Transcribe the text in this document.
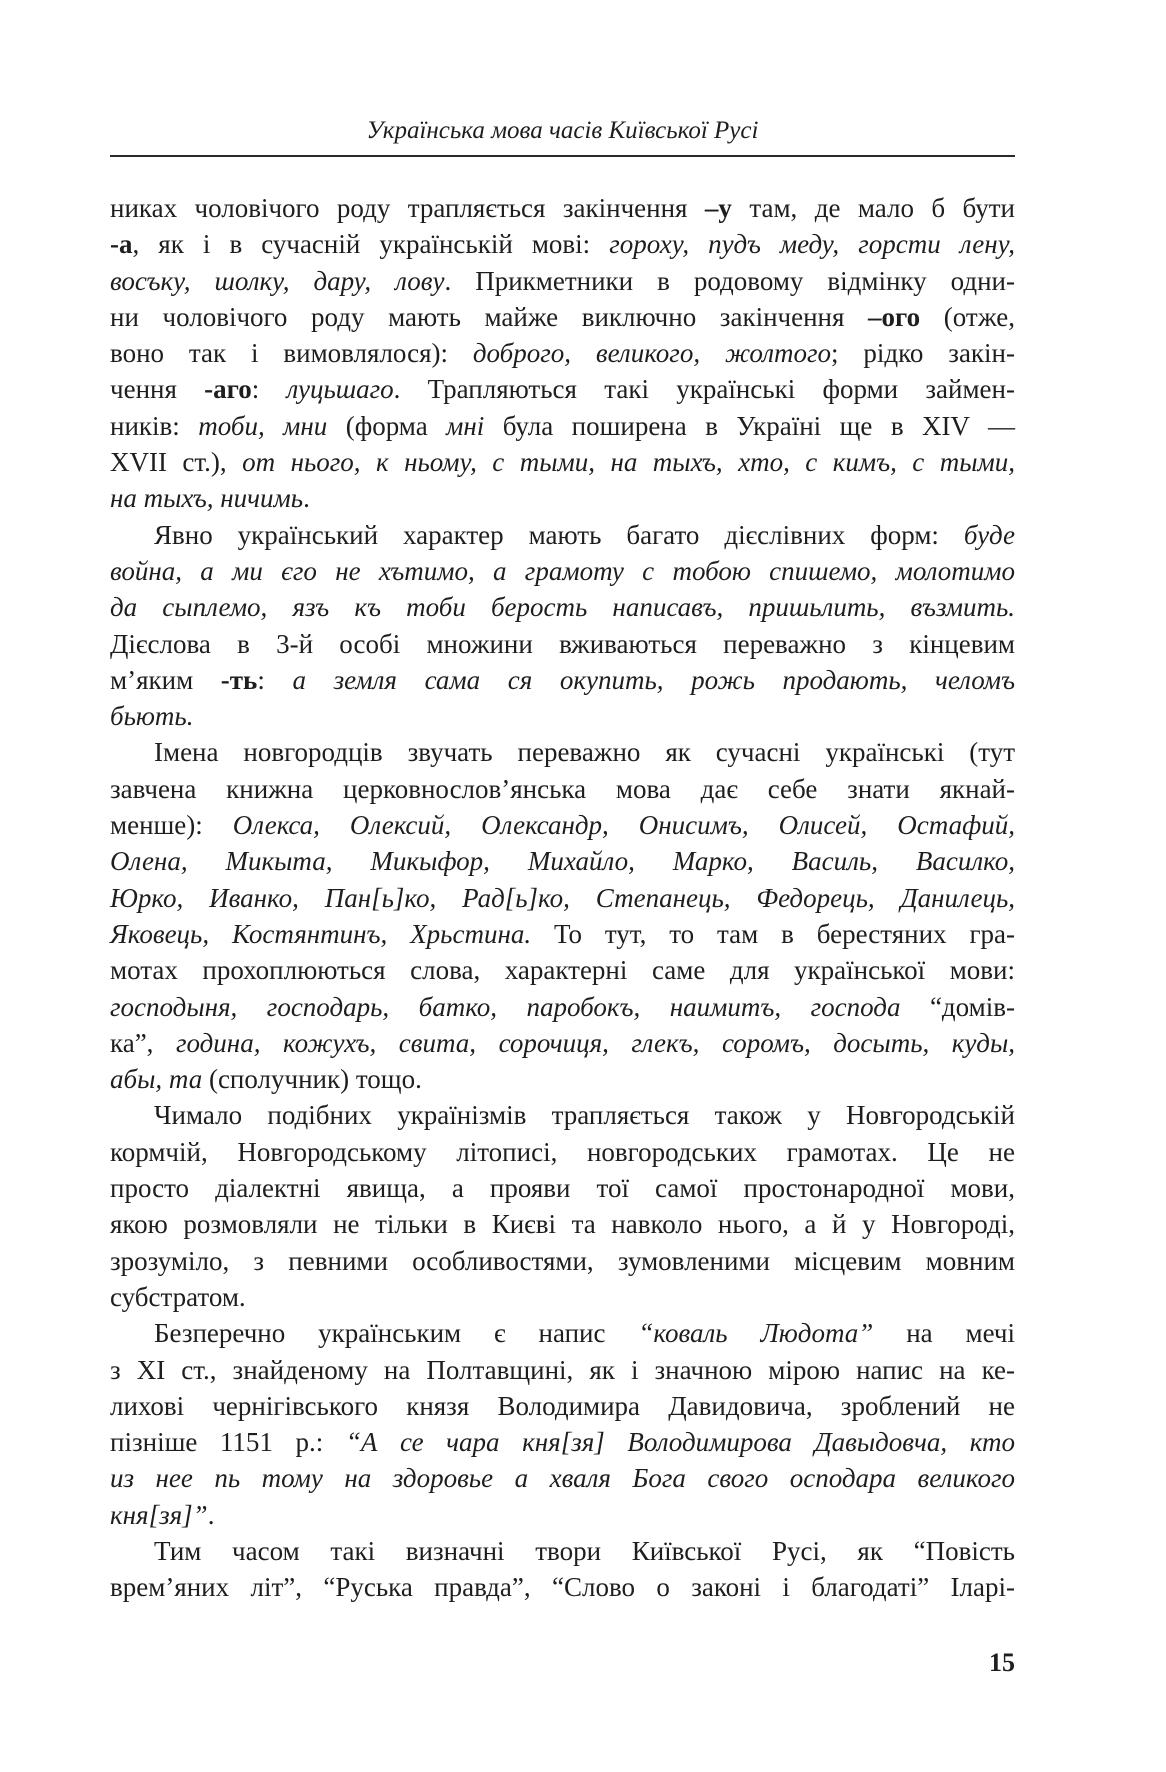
Українська мова часів Київської Русі
никах чоловічого роду трапляється закінчення –у там, де мало б бути
-а, як і в сучасній українській мові: гороху, пудъ меду, горсти лену,
восъку, шолку, дару, лову. Прикметники в родовому відмінку одни-
ни чоловічого роду мають майже виключно закінчення –ого (отже,
воно так і вимовлялося): доброго, великого, жолтого; рідко закін-
чення -аго: луцьшаго. Трапляються такі українські форми займен-
ників: тоби, мни (форма мні була поширена в Україні ще в XIV —
XVII ст.), от нього, к ньому, с тыми, на тыхъ, хто, с кимъ, с тыми,
на тыхъ, ничимь.
Явно український характер мають багато дієслівних форм: буде
война, а ми єго не хътимо, а грамоту с тобою спишемо, молотимо
да сыплемо, язъ къ тоби берость написавъ, пришьлить, възмить.
Дієслова в 3-й особі множини вживаються переважно з кінцевим
м’яким -ть: а земля сама ся окупить, рожь продають, челомъ
бьють.
Імена новгородців звучать переважно як сучасні українські (тут
завчена книжна церковнослов’янська мова дає себе знати якнай-
менше): Олекса, Олексий, Олександр, Онисимъ, Олисей, Остафий,
Олена, Микыта, Микыфор, Михайло, Марко, Василь, Василко,
Юрко, Иванко, Пан[ь]ко, Рад[ь]ко, Степанець, Федорець, Данилець,
Яковець, Костянтинъ, Хрьстина. То тут, то там в берестяних гра-
мотах прохоплюються слова, характерні саме для української мови:
господыня, господарь, батко, паробокъ, наимитъ, господа “домів-
ка”, година, кожухъ, свита, сорочиця, глекъ, соромъ, досыть, куды,
абы, та (сполучник) тощо.
Чимало подібних українізмів трапляється також у Новгородській
кормчій, Новгородському літописі, новгородських грамотах. Це не
просто діалектні явища, а прояви тої самої простонародної мови,
якою розмовляли не тільки в Києві та навколо нього, а й у Новгороді,
зрозуміло, з певними особливостями, зумовленими місцевим мовним
субстратом.
Безперечно українським є напис “коваль Людота” на мечі
з XI ст., знайденому на Полтавщині, як і значною мірою напис на ке-
лихові чернігівського князя Володимира Давидовича, зроблений не
пізніше 1151 р.: “А се чара кня[зя] Володимирова Давыдовча, кто
из нее пь тому на здоровье а хваля Бога свого осподара великого
кня[зя]”.
Тим часом такі визначні твори Київської Русі, як “Повість
врем’яних літ”, “Руська правда”, “Слово о законі і благодаті” Іларі-
15
